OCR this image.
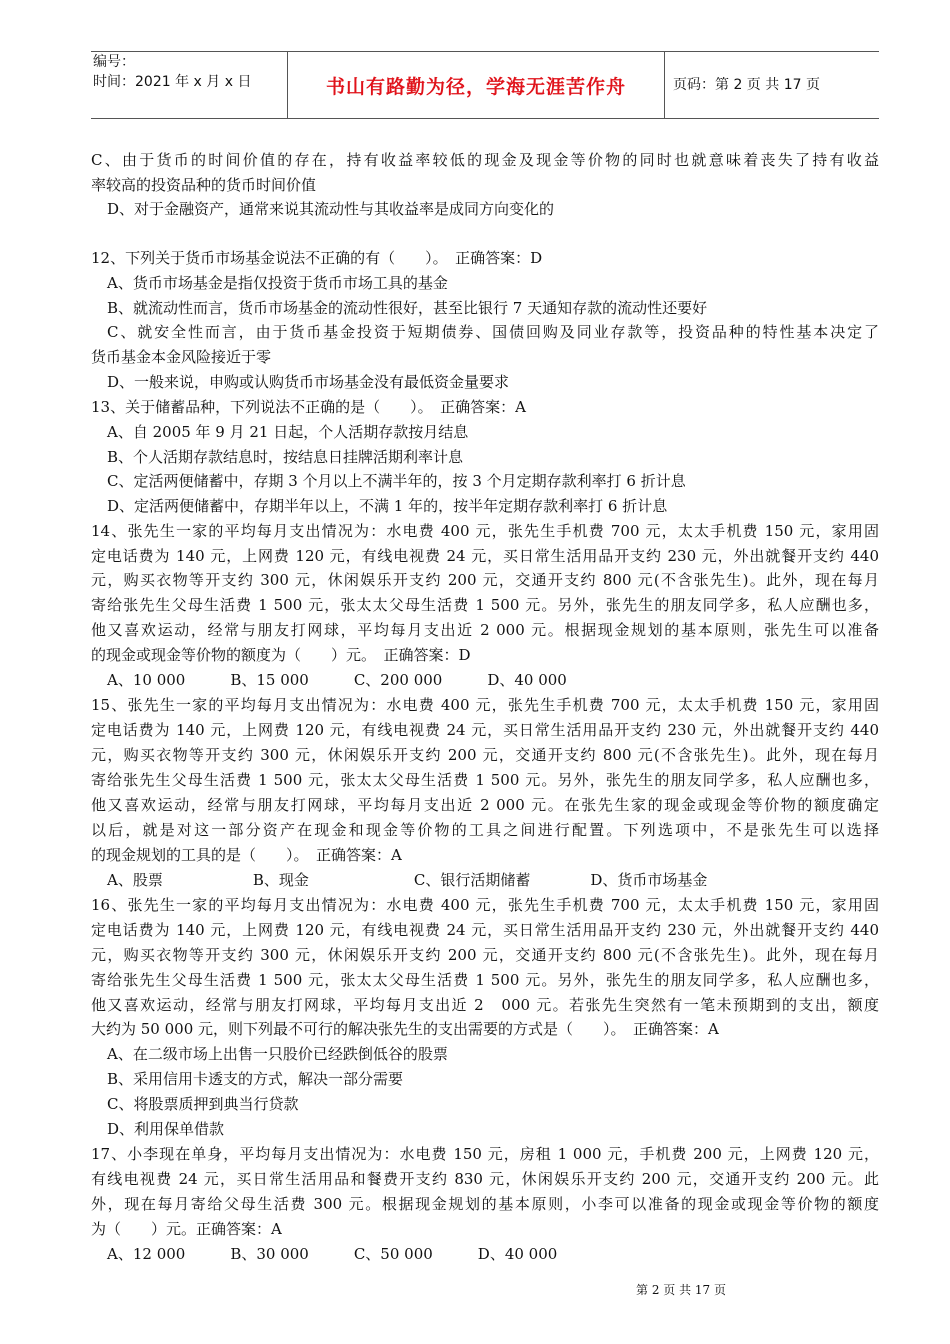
编号：
时间：2021 年 x 月 x 日	书山有路勤为径，学海无涯苦作舟	页码：第 2 页 共 17 页
C、由于货币的时间价值的存在，持有收益率较低的现金及现金等价物的同时也就意味着丧失了持有收益
率较高的投资品种的货币时间价值
D、对于金融资产，通常来说其流动性与其收益率是成同方向变化的
12、下列关于货币市场基金说法不正确的有（　　）。　正确答案：D
A、货币市场基金是指仅投资于货币市场工具的基金
B、就流动性而言，货币市场基金的流动性很好，甚至比银行 7 天通知存款的流动性还要好
C、就安全性而言，由于货币基金投资于短期债券、国债回购及同业存款等，投资品种的特性基本决定了
货币基金本金风险接近于零
D、一般来说，申购或认购货币市场基金没有最低资金量要求
13、关于储蓄品种，下列说法不正确的是（　　）。　正确答案：A
A、自 2005 年 9 月 21 日起，个人活期存款按月结息
B、个人活期存款结息时，按结息日挂牌活期利率计息
C、定活两便储蓄中，存期 3 个月以上不满半年的，按 3 个月定期存款利率打 6 折计息
D、定活两便储蓄中，存期半年以上，不满 1 年的，按半年定期存款利率打 6 折计息
14、张先生一家的平均每月支出情况为：水电费 400 元，张先生手机费 700 元，太太手机费 150 元，家用固
定电话费为 140 元，上网费 120 元，有线电视费 24 元，买日常生活用品开支约 230 元，外出就餐开支约 440
元，购买衣物等开支约 300 元，休闲娱乐开支约 200 元，交通开支约 800 元(不含张先生)。此外，现在每月
寄给张先生父母生活费 1 500 元，张太太父母生活费 1 500 元。另外，张先生的朋友同学多，私人应酬也多，
他又喜欢运动，经常与朋友打网球，平均每月支出近 2 000 元。根据现金规划的基本原则，张先生可以准备
的现金或现金等价物的额度为（　　）元。　正确答案：D
A、10 000　　　B、15 000　　　C、200 000　　　D、40 000
15、张先生一家的平均每月支出情况为：水电费 400 元，张先生手机费 700 元，太太手机费 150 元，家用固
定电话费为 140 元，上网费 120 元，有线电视费 24 元，买日常生活用品开支约 230 元，外出就餐开支约 440
元，购买衣物等开支约 300 元，休闲娱乐开支约 200 元，交通开支约 800 元(不含张先生)。此外，现在每月
寄给张先生父母生活费 1 500 元，张太太父母生活费 1 500 元。另外，张先生的朋友同学多，私人应酬也多，
他又喜欢运动，经常与朋友打网球，平均每月支出近 2 000 元。在张先生家的现金或现金等价物的额度确定
以后，就是对这一部分资产在现金和现金等价物的工具之间进行配置。下列选项中，不是张先生可以选择
的现金规划的工具的是（　　）。　正确答案：A
A、股票　　　　　　B、现金　　　　　　　C、银行活期储蓄　　　　D、货币市场基金
16、张先生一家的平均每月支出情况为：水电费 400 元，张先生手机费 700 元，太太手机费 150 元，家用固
定电话费为 140 元，上网费 120 元，有线电视费 24 元，买日常生活用品开支约 230 元，外出就餐开支约 440
元，购买衣物等开支约 300 元，休闲娱乐开支约 200 元，交通开支约 800 元(不含张先生)。此外，现在每月
寄给张先生父母生活费 1 500 元，张太太父母生活费 1 500 元。另外，张先生的朋友同学多，私人应酬也多，
他又喜欢运动，经常与朋友打网球，平均每月支出近 2　000 元。若张先生突然有一笔未预期到的支出，额度
大约为 50 000 元，则下列最不可行的解决张先生的支出需要的方式是（　　）。　正确答案：A
A、在二级市场上出售一只股价已经跌倒低谷的股票
B、采用信用卡透支的方式，解决一部分需要
C、将股票质押到典当行贷款
D、利用保单借款
17、小李现在单身，平均每月支出情况为：水电费 150 元，房租 1 000 元，手机费 200 元，上网费 120 元，
有线电视费 24 元，买日常生活用品和餐费开支约 830 元，休闲娱乐开支约 200 元，交通开支约 200 元。此
外，现在每月寄给父母生活费 300 元。根据现金规划的基本原则，小李可以准备的现金或现金等价物的额度
为（　　）元。正确答案：A
A、12 000　　　B、30 000　　　C、50 000　　　D、40 000
第 2 页 共 17 页
